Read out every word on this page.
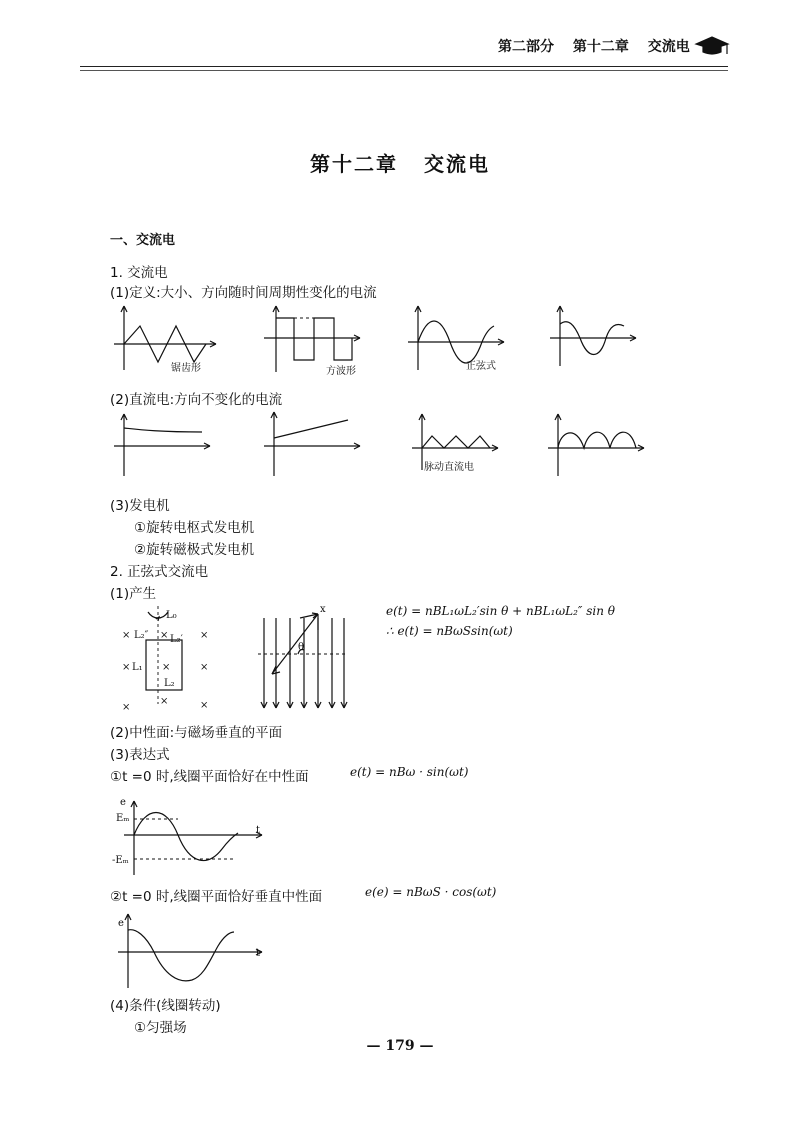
第二部分 第十二章 交流电
第十二章 交流电
一、交流电
1. 交流电
(1)定义:大小、方向随时间周期性变化的电流
锯齿形	方波形	正弦式
(2)直流电:方向不变化的电流
脉动直流电
(3)发电机
①旋转电枢式发电机
②旋转磁极式发电机
2. 正弦式交流电
(1)产生
L₀
× L₂″ × L₂′ ×
× L₁ ×	×
L₂
×
×	×
x
θ
e(t) = nBL₁ωL₂′sin θ + nBL₁ωL₂″ sin θ
∴ e(t) = nBωSsin(ωt)
(2)中性面:与磁场垂直的平面
(3)表达式
①t =0 时,线圈平面恰好在中性面	e(t) = nBω · sin(ωt)
e
t
Eₘ
-Eₘ
②t =0 时,线圈平面恰好垂直中性面	e(e) = nBωS · cos(ωt)
e
t
(4)条件(线圈转动)
①匀强场
— 179 —
